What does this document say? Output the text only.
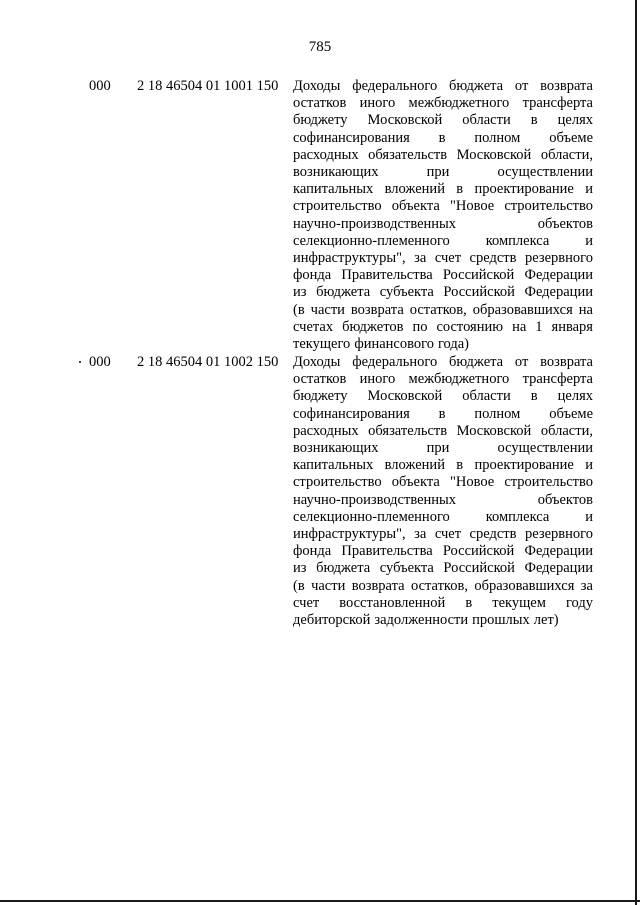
785
000 2 18 46504 01 1001 150 Доходы федерального бюджета от возврата
остатков иного межбюджетного трансферта
бюджету Московской области в целях
софинансирования в полном объеме
расходных обязательств Московской области,
возникающих	при	осуществлении
капитальных вложений в проектирование и
строительство объекта "Новое строительство
научно-производственных	объектов
селекционно-племенного комплекса и
инфраструктуры", за счет средств резервного
фонда Правительства Российской Федерации
из бюджета субъекта Российской Федерации
(в части возврата остатков, образовавшихся на
счетах бюджетов по состоянию на 1 января
текущего финансового года)
000 2 18 46504 01 1002 150 Доходы федерального бюджета от возврата
остатков иного межбюджетного трансферта
бюджету Московской области в целях
софинансирования в полном объеме
расходных обязательств Московской области,
возникающих	при	осуществлении
капитальных вложений в проектирование и
строительство объекта "Новое строительство
научно-производственных	объектов
селекционно-племенного комплекса и
инфраструктуры", за счет средств резервного
фонда Правительства Российской Федерации
из бюджета субъекта Российской Федерации
(в части возврата остатков, образовавшихся за
счет восстановленной в текущем году
дебиторской задолженности прошлых лет)
